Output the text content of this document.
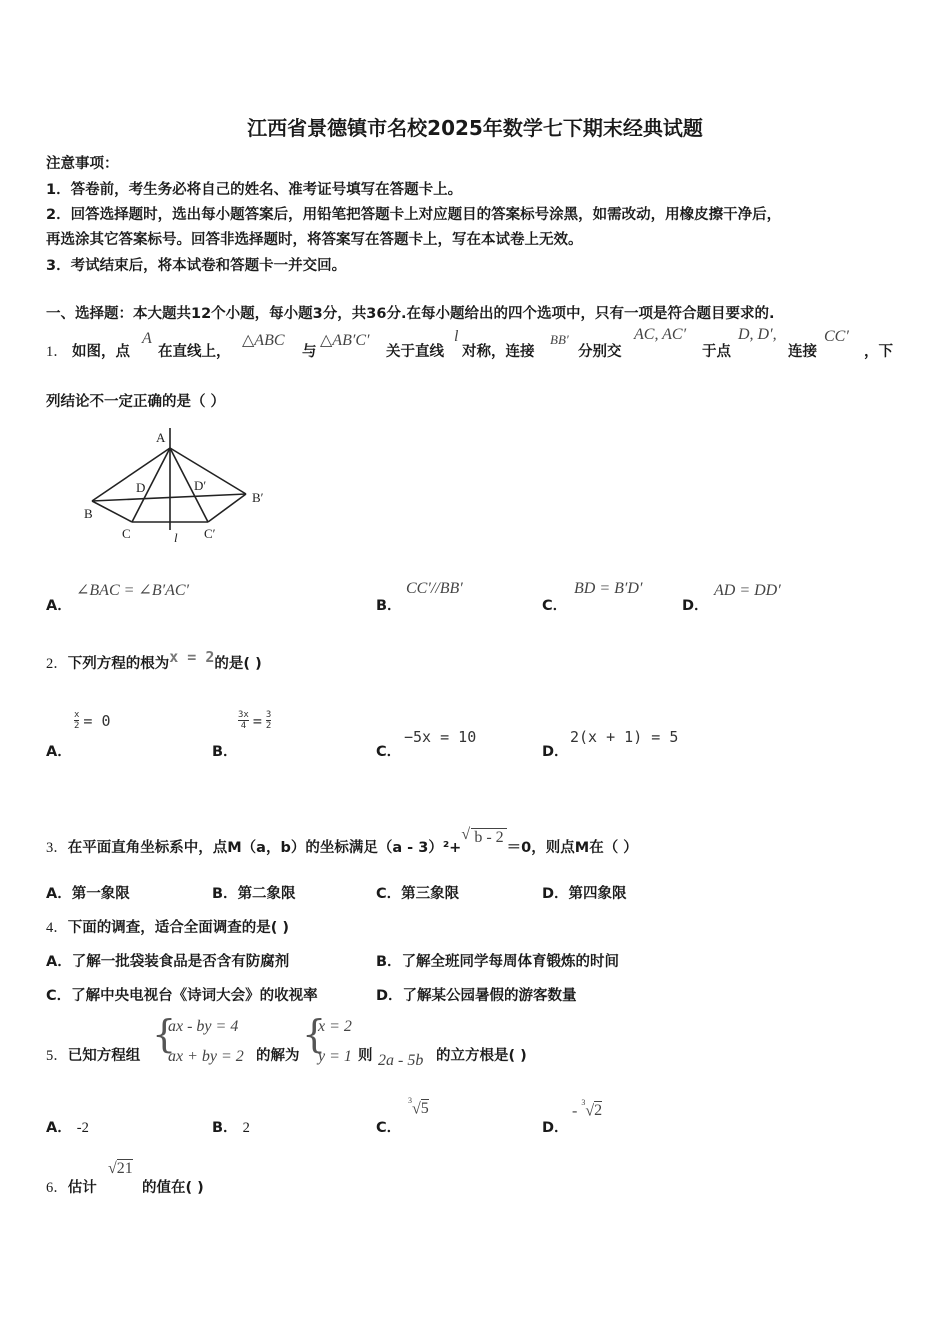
江西省景德镇市名校2025年数学七下期末经典试题
注意事项：
1．答卷前，考生务必将自己的姓名、准考证号填写在答题卡上。
2．回答选择题时，选出每小题答案后，用铅笔把答题卡上对应题目的答案标号涂黑，如需改动，用橡皮擦干净后，
再选涂其它答案标号。回答非选择题时，将答案写在答题卡上，写在本试卷上无效。
3．考试结束后，将本试卷和答题卡一并交回。
一、选择题：本大题共12个小题，每小题3分，共36分.在每小题给出的四个选项中，只有一项是符合题目要求的.
1． 如图，点
A
在直线上，
△ABC
与
△AB′C′
关于直线
l
对称，连接
BB′
分别交
AC, AC′
于点
D, D′,
连接
CC′
，下
列结论不一定正确的是（ ）
A
B
C
D	D′
B′
C′
l
A．
∠BAC = ∠B′AC′
B．
CC′//BB′
C．
BD = B′D′
D．
AD = DD′
2．下列方程的根为x = 2的是( )
A．
$\frac{x}{2} = 0$
B．
$\frac{3x}{4} = \frac{3}{2}$
C．
−5x = 10
D．
2(x + 1) = 5
3．在平面直角坐标系中，点M（a，b）的坐标满足（a - 3）²+
√ b - 2＝0，则点M在（ ）
A．第一象限	B．第二象限	C．第三象限	D．第四象限
4．下面的调查，适合全面调查的是( )
A．了解一批袋装食品是否含有防腐剂	B．了解全班同学每周体育锻炼的时间
C．了解中央电视台《诗词大会》的收视率	D．了解某公园暑假的游客数量
5．已知方程组 {
ax - by = 4
ax + by = 2 的解为 {
x = 2
y = 1 则 2a - 5b 的立方根是( )
A． -2	B． 2	C．
$^3$√5
D．
- $^3$√2
6．估计
√21
的值在( )
